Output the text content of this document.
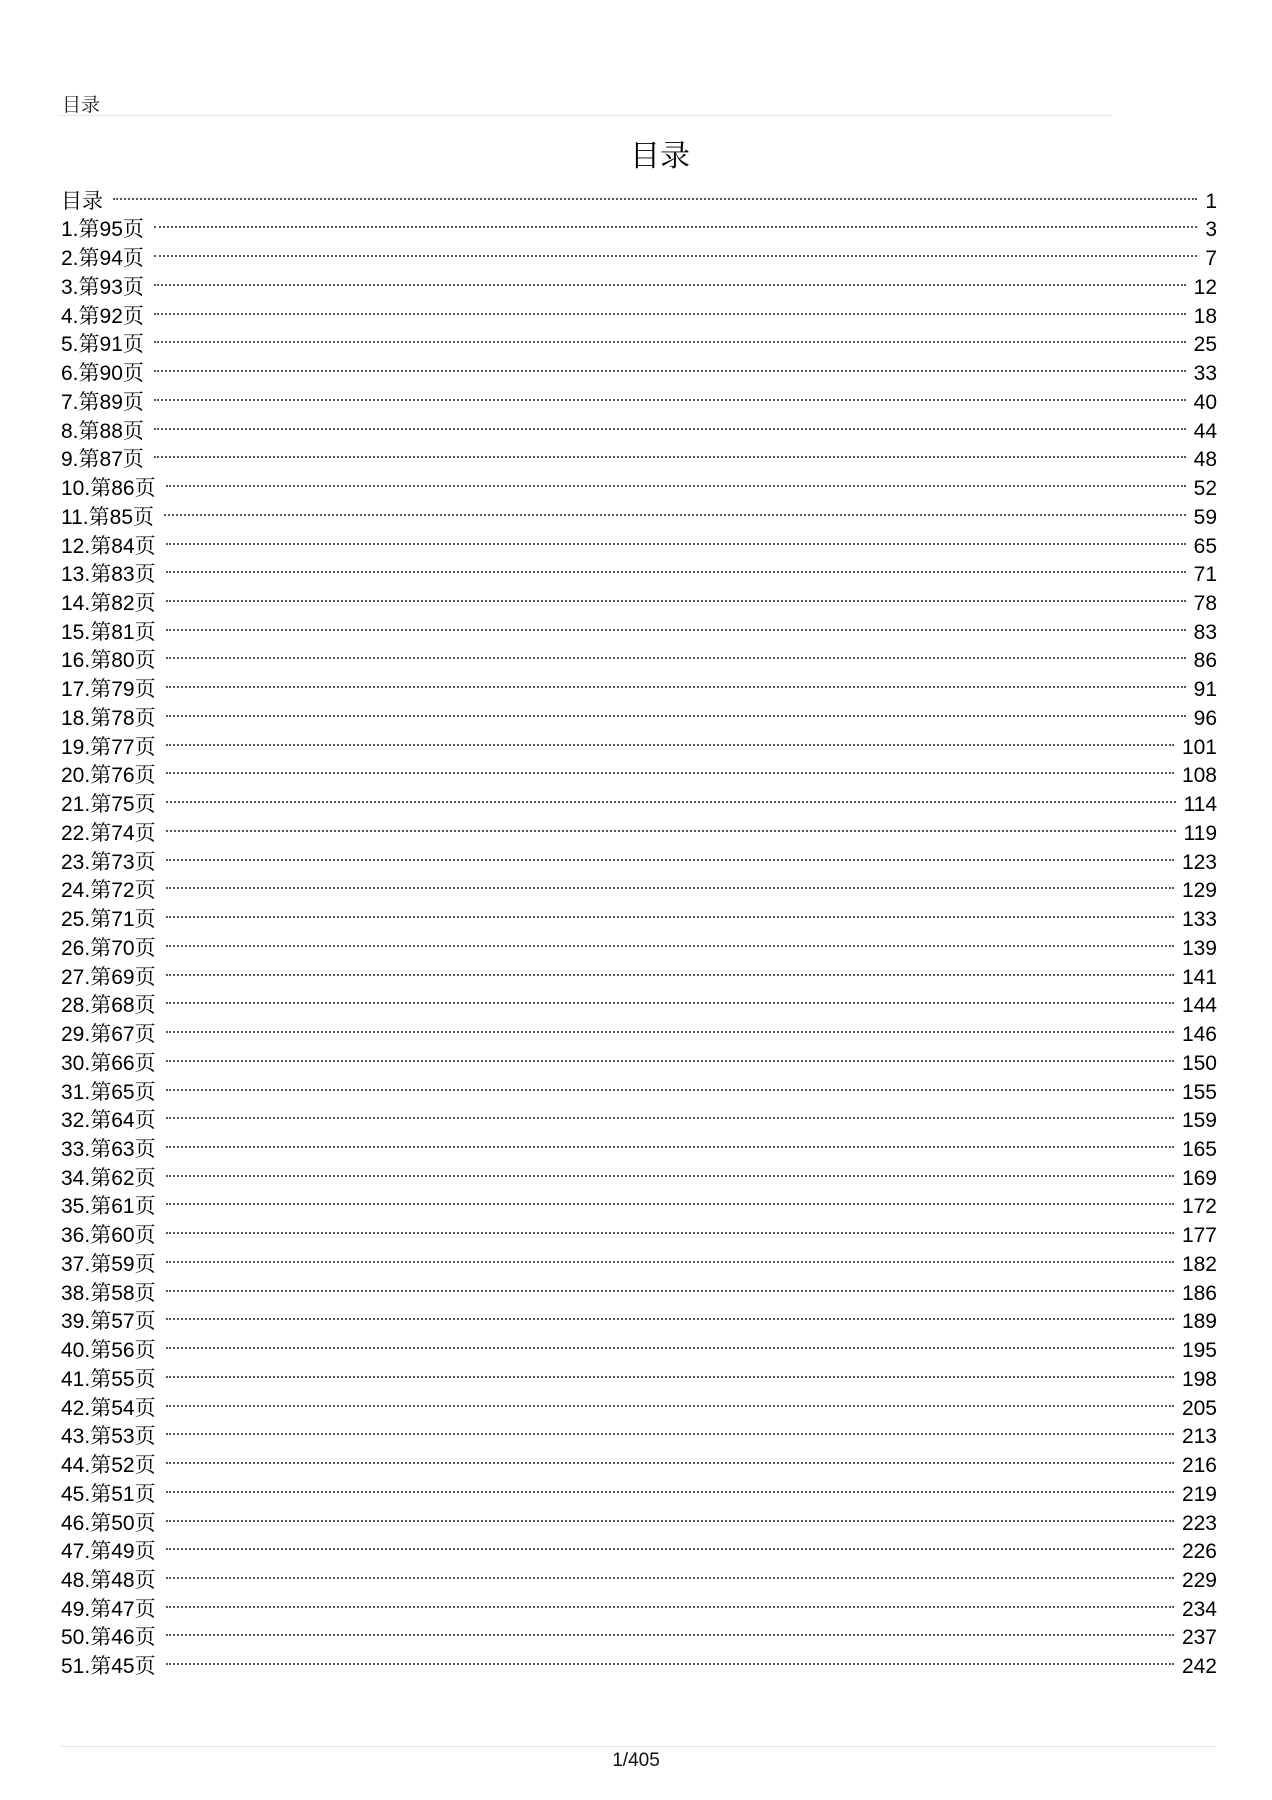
目录
目录
目录	1
1.第95页	3
2.第94页	7
3.第93页	12
4.第92页	18
5.第91页	25
6.第90页	33
7.第89页	40
8.第88页	44
9.第87页	48
10.第86页	52
11.第85页	59
12.第84页	65
13.第83页	71
14.第82页	78
15.第81页	83
16.第80页	86
17.第79页	91
18.第78页	96
19.第77页	101
20.第76页	108
21.第75页	114
22.第74页	119
23.第73页	123
24.第72页	129
25.第71页	133
26.第70页	139
27.第69页	141
28.第68页	144
29.第67页	146
30.第66页	150
31.第65页	155
32.第64页	159
33.第63页	165
34.第62页	169
35.第61页	172
36.第60页	177
37.第59页	182
38.第58页	186
39.第57页	189
40.第56页	195
41.第55页	198
42.第54页	205
43.第53页	213
44.第52页	216
45.第51页	219
46.第50页	223
47.第49页	226
48.第48页	229
49.第47页	234
50.第46页	237
51.第45页	242
1/405
